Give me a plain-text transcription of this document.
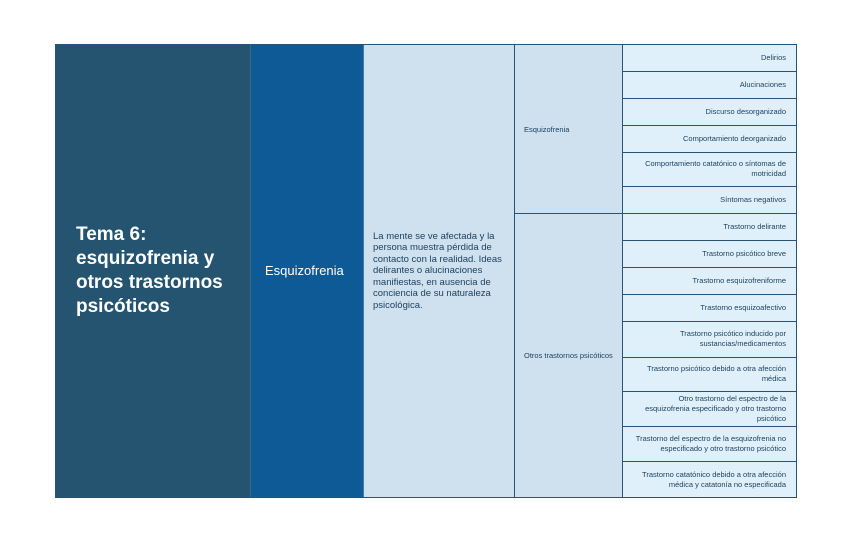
Tema 6: esquizofrenia y otros trastornos psicóticos
Esquizofrenia
La mente se ve afectada y la persona muestra pérdida de contacto con la realidad. Ideas delirantes o alucinaciones manifiestas, en ausencia de conciencia de su naturaleza psicológica.
Esquizofrenia
Otros trastornos psicóticos
Delirios
Alucinaciones
Discurso desorganizado
Comportamiento deorganizado
Comportamiento catatónico o síntomas de motricidad
Síntomas negativos
Trastorno delirante
Trastorno psicótico breve
Trastorno esquizofreniforme
Trastorno esquizoafectivo
Trastorno psicótico inducido por sustancias/medicamentos
Trastorno psicótico debido a otra afección médica
Otro trastorno del espectro de la esquizofrenia especificado y otro trastorno psicótico
Trastorno del espectro de la esquizofrenia no especificado y otro trastorno psicótico
Trastorno catatónico debido a otra afección médica y catatonía no especificada
